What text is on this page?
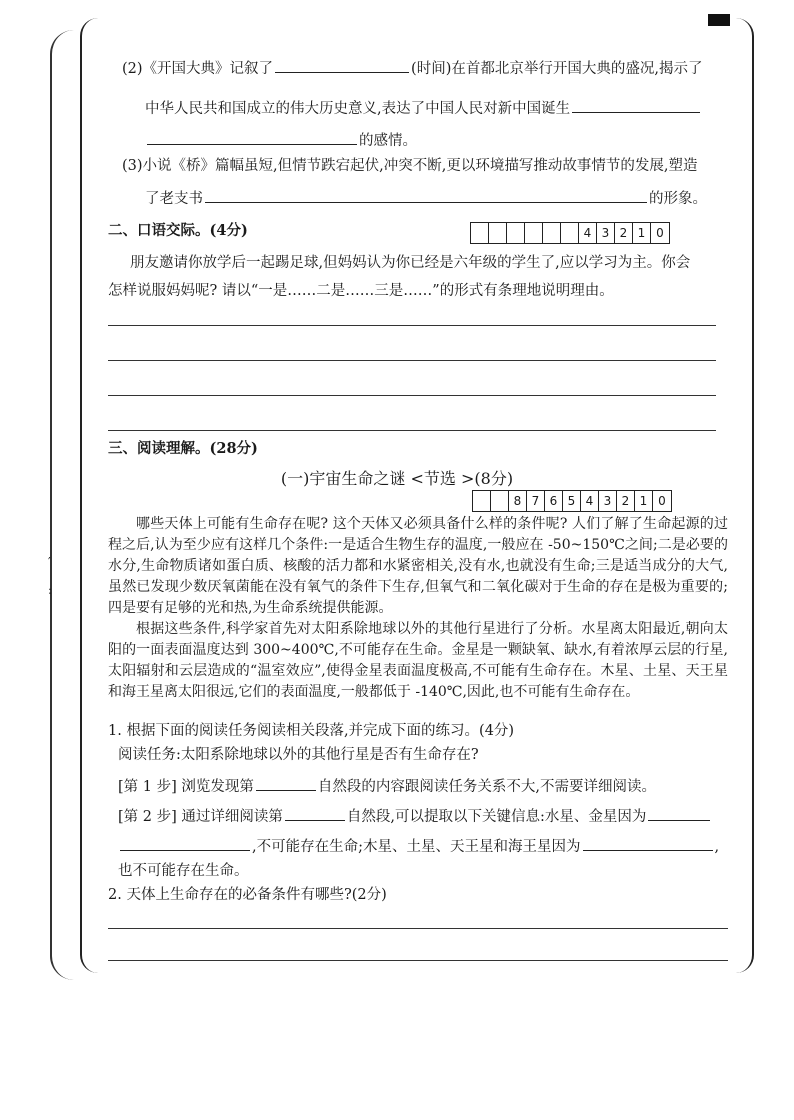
′
:
(2)《开国大典》记叙了	(时间)在首都北京举行开国大典的盛况,揭示了
中华人民共和国成立的伟大历史意义,表达了中国人民对新中国诞生
的感情。
(3)小说《桥》篇幅虽短,但情节跌宕起伏,冲突不断,更以环境描写推动故事情节的发展,塑造
了老支书	的形象。
二、口语交际。(4分)	4 3 2 1 0
朋友邀请你放学后一起踢足球,但妈妈认为你已经是六年级的学生了,应以学习为主。你会
怎样说服妈妈呢? 请以“一是……二是……三是……”的形式有条理地说明理由。
三、阅读理解。(28分)
(一)宇宙生命之谜 <节选 >(8分)
8 7 6 5 4 3 2 1 0

哪些天体上可能有生命存在呢? 这个天体又必须具备什么样的条件呢? 人们了解了生命起源的过程之后,认为至少应有这样几个条件:一是适合生物生存的温度,一般应在 -50~150℃之间;二是必要的水分,生命物质诸如蛋白质、核酸的活力都和水紧密相关,没有水,也就没有生命;三是适当成分的大气,虽然已发现少数厌氧菌能在没有氧气的条件下生存,但氧气和二氧化碳对于生命的存在是极为重要的;四是要有足够的光和热,为生命系统提供能源。

根据这些条件,科学家首先对太阳系除地球以外的其他行星进行了分析。水星离太阳最近,朝向太阳的一面表面温度达到 300~400℃,不可能存在生命。金星是一颗缺氧、缺水,有着浓厚云层的行星,太阳辐射和云层造成的“温室效应”,使得金星表面温度极高,不可能有生命存在。木星、土星、天王星和海王星离太阳很远,它们的表面温度,一般都低于 -140℃,因此,也不可能有生命存在。

1. 根据下面的阅读任务阅读相关段落,并完成下面的练习。(4分)
阅读任务:太阳系除地球以外的其他行星是否有生命存在?
[第 1 步] 浏览发现第	自然段的内容跟阅读任务关系不大,不需要详细阅读。
[第 2 步] 通过详细阅读第	自然段,可以提取以下关键信息:水星、金星因为
,不可能存在生命;木星、土星、天王星和海王星因为	,
也不可能存在生命。
2. 天体上生命存在的必备条件有哪些?(2分)
